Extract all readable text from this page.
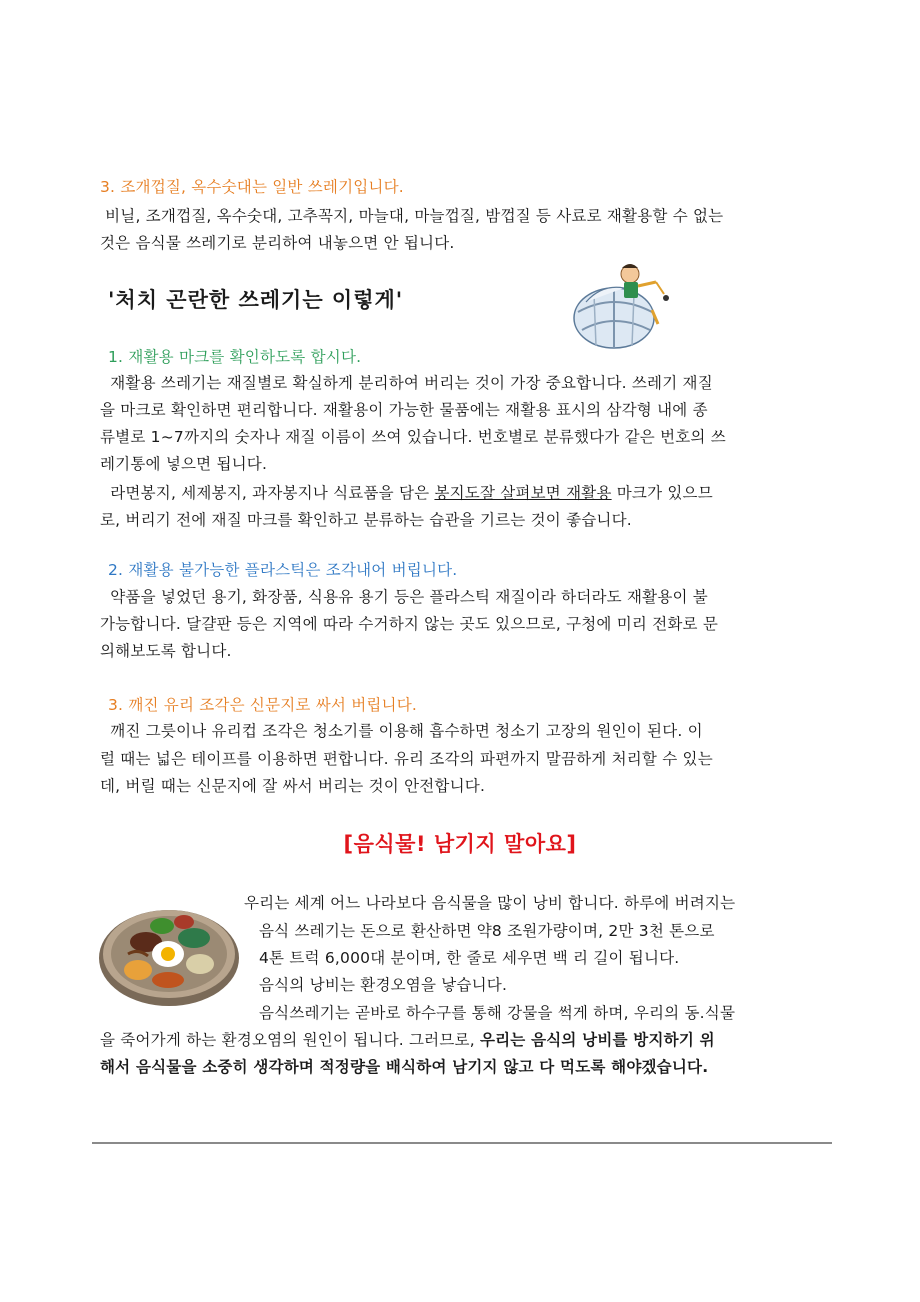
3. 조개껍질, 옥수숫대는 일반 쓰레기입니다.
비닐, 조개껍질, 옥수숫대, 고추꼭지, 마늘대, 마늘껍질, 밤껍질 등 사료로 재활용할 수 없는
것은 음식물 쓰레기로 분리하여 내놓으면 안 됩니다.
'처치 곤란한 쓰레기는 이렇게'
1. 재활용 마크를 확인하도록 합시다.
재활용 쓰레기는 재질별로 확실하게 분리하여 버리는 것이 가장 중요합니다. 쓰레기 재질
을 마크로 확인하면 편리합니다. 재활용이 가능한 물품에는 재활용 표시의 삼각형 내에 종
류별로 1~7까지의 숫자나 재질 이름이 쓰여 있습니다. 번호별로 분류했다가 같은 번호의 쓰
레기통에 넣으면 됩니다.
라면봉지, 세제봉지, 과자봉지나 식료품을 담은 봉지도잘 살펴보면 재활용 마크가 있으므
로, 버리기 전에 재질 마크를 확인하고 분류하는 습관을 기르는 것이 좋습니다.
2. 재활용 불가능한 플라스틱은 조각내어 버립니다.
약품을 넣었던 용기, 화장품, 식용유 용기 등은 플라스틱 재질이라 하더라도 재활용이 불
가능합니다. 달걀판 등은 지역에 따라 수거하지 않는 곳도 있으므로, 구청에 미리 전화로 문
의해보도록 합니다.
3. 깨진 유리 조각은 신문지로 싸서 버립니다.
깨진 그릇이나 유리컵 조각은 청소기를 이용해 흡수하면 청소기 고장의 원인이 된다. 이
럴 때는 넓은 테이프를 이용하면 편합니다. 유리 조각의 파편까지 말끔하게 처리할 수 있는
데, 버릴 때는 신문지에 잘 싸서 버리는 것이 안전합니다.
[음식물! 남기지 말아요]
우리는 세계 어느 나라보다 음식물을 많이 낭비 합니다. 하루에 버려지는
음식 쓰레기는 돈으로 환산하면 약8 조원가량이며, 2만 3천 톤으로
4톤 트럭 6,000대 분이며, 한 줄로 세우면 백 리 길이 됩니다.
음식의 낭비는 환경오염을 낳습니다.
음식쓰레기는 곧바로 하수구를 통해 강물을 썩게 하며, 우리의 동.식물
을 죽어가게 하는 환경오염의 원인이 됩니다. 그러므로, 우리는 음식의 낭비를 방지하기 위
해서 음식물을 소중히 생각하며 적정량을 배식하여 남기지 않고 다 먹도록 해야겠습니다.
